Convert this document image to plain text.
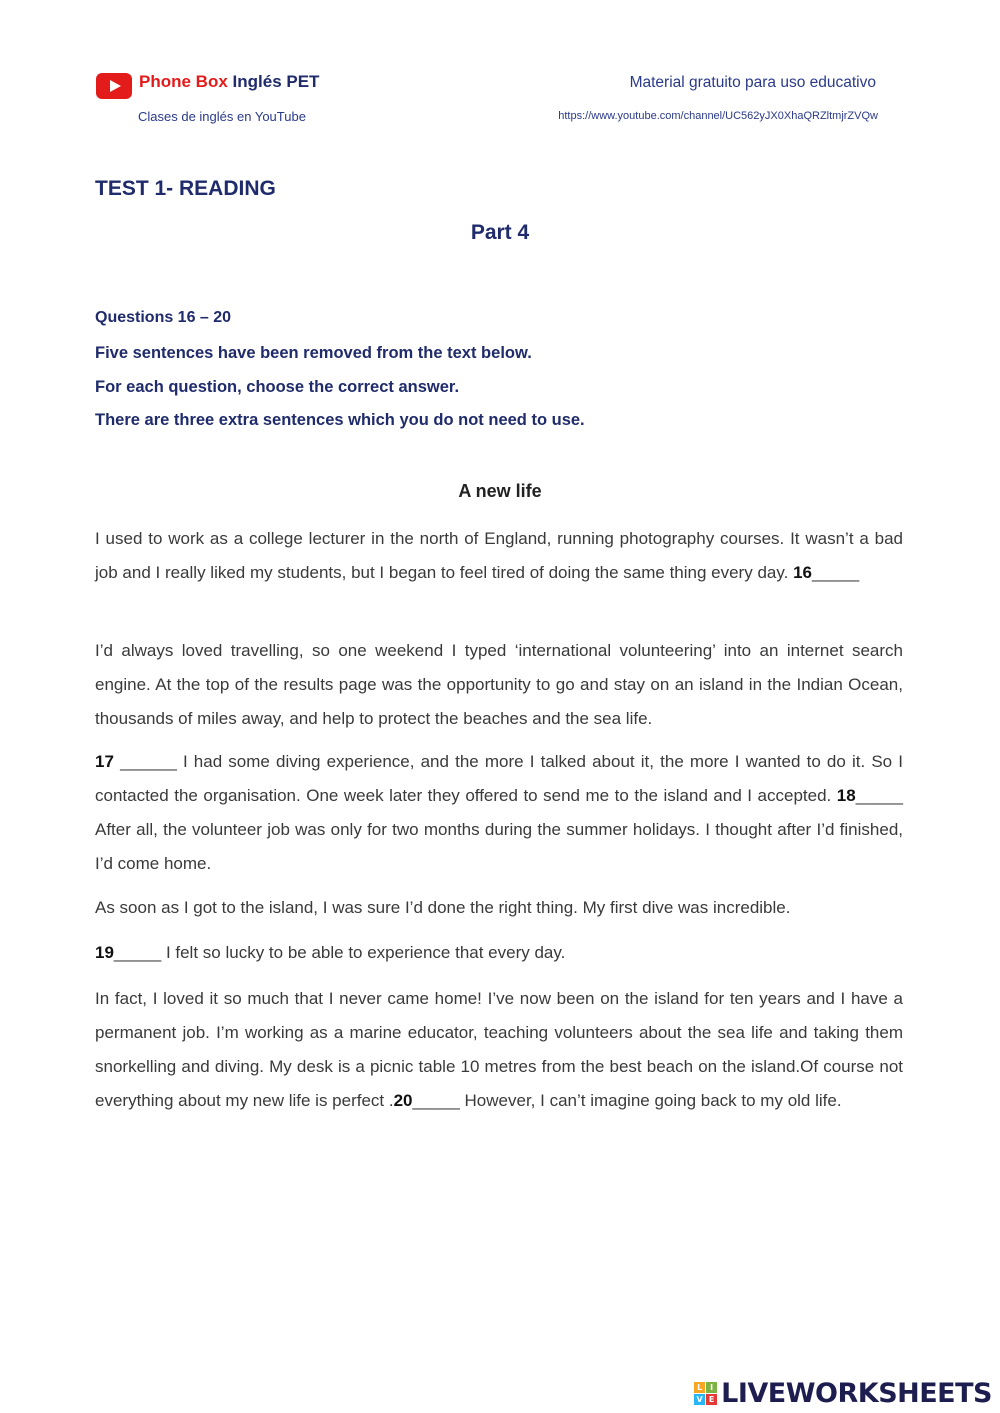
Phone Box Inglés PET
Clases de inglés en YouTube
Material gratuito para uso educativo
https://www.youtube.com/channel/UC562yJX0XhaQRZltmjrZVQw
TEST 1- READING
Part 4
Questions 16 – 20
Five sentences have been removed from the text below.
For each question, choose the correct answer.
There are three extra sentences which you do not need to use.
A new life

I used to work as a college lecturer in the north of England, running photography courses. It wasn’t a bad job and I really liked my students, but I began to feel tired of doing the same thing every day. 16_____

I’d always loved travelling, so one weekend I typed ‘international volunteering’ into an internet search engine. At the top of the results page was the opportunity to go and stay on an island in the Indian Ocean, thousands of miles away, and help to protect the beaches and the sea life.

17 ______ I had some diving experience, and the more I talked about it, the more I wanted to do it. So I contacted the organisation. One week later they offered to send me to the island and I accepted. 18_____ After all, the volunteer job was only for two months during the summer holidays. I thought after I’d finished, I’d come home.

As soon as I got to the island, I was sure I’d done the right thing. My first dive was incredible.

19_____ I felt so lucky to be able to experience that every day.

In fact, I loved it so much that I never came home! I’ve now been on the island for ten years and I have a permanent job. I’m working as a marine educator, teaching volunteers about the sea life and taking them snorkelling and diving. My desk is a picnic table 10 metres from the best beach on the island.Of course not everything about my new life is perfect .20_____ However, I can’t imagine going back to my old life.

L I
V E LIVEWORKSHEETS
